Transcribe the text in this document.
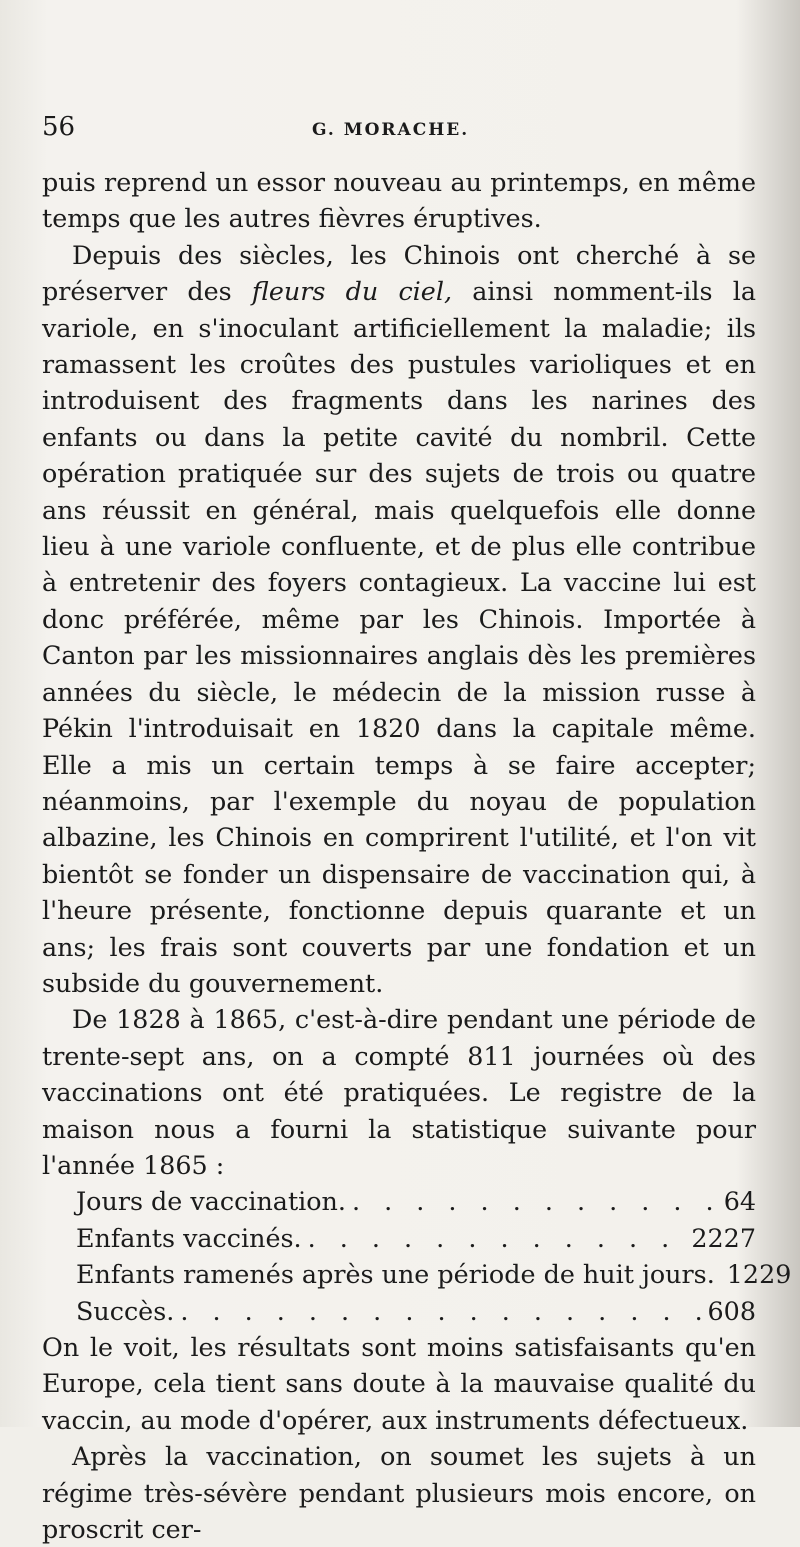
56	G. MORACHE.

puis reprend un essor nouveau au printemps, en même temps que les autres fièvres éruptives.

Depuis des siècles, les Chinois ont cherché à se préserver des fleurs du ciel, ainsi nomment-ils la variole, en s'inoculant artificiellement la maladie; ils ramassent les croûtes des pustules varioliques et en introduisent des fragments dans les narines des enfants ou dans la petite cavité du nombril. Cette opération pratiquée sur des sujets de trois ou quatre ans réussit en général, mais quelquefois elle donne lieu à une variole confluente, et de plus elle contribue à entretenir des foyers contagieux. La vaccine lui est donc préférée, même par les Chinois. Importée à Canton par les missionnaires anglais dès les premières années du siècle, le médecin de la mission russe à Pékin l'introduisait en 1820 dans la capitale même. Elle a mis un certain temps à se faire accepter; néanmoins, par l'exemple du noyau de population albazine, les Chinois en comprirent l'utilité, et l'on vit bientôt se fonder un dispensaire de vaccination qui, à l'heure présente, fonctionne depuis quarante et un ans; les frais sont couverts par une fondation et un subside du gouvernement.

De 1828 à 1865, c'est-à-dire pendant une période de trente-sept ans, on a compté 811 journées où des vaccinations ont été pratiquées. Le registre de la maison nous a fourni la statistique suivante pour l'année 1865 :

Jours de vaccination. . . .	64
Enfants vaccinés. . . .	2227
Enfants ramenés après une période de huit jours. 1229
Succès. . . .	608

On le voit, les résultats sont moins satisfaisants qu'en Europe, cela tient sans doute à la mauvaise qualité du vaccin, au mode d'opérer, aux instruments défectueux.

Après la vaccination, on soumet les sujets à un régime très-sévère pendant plusieurs mois encore, on proscrit cer-
